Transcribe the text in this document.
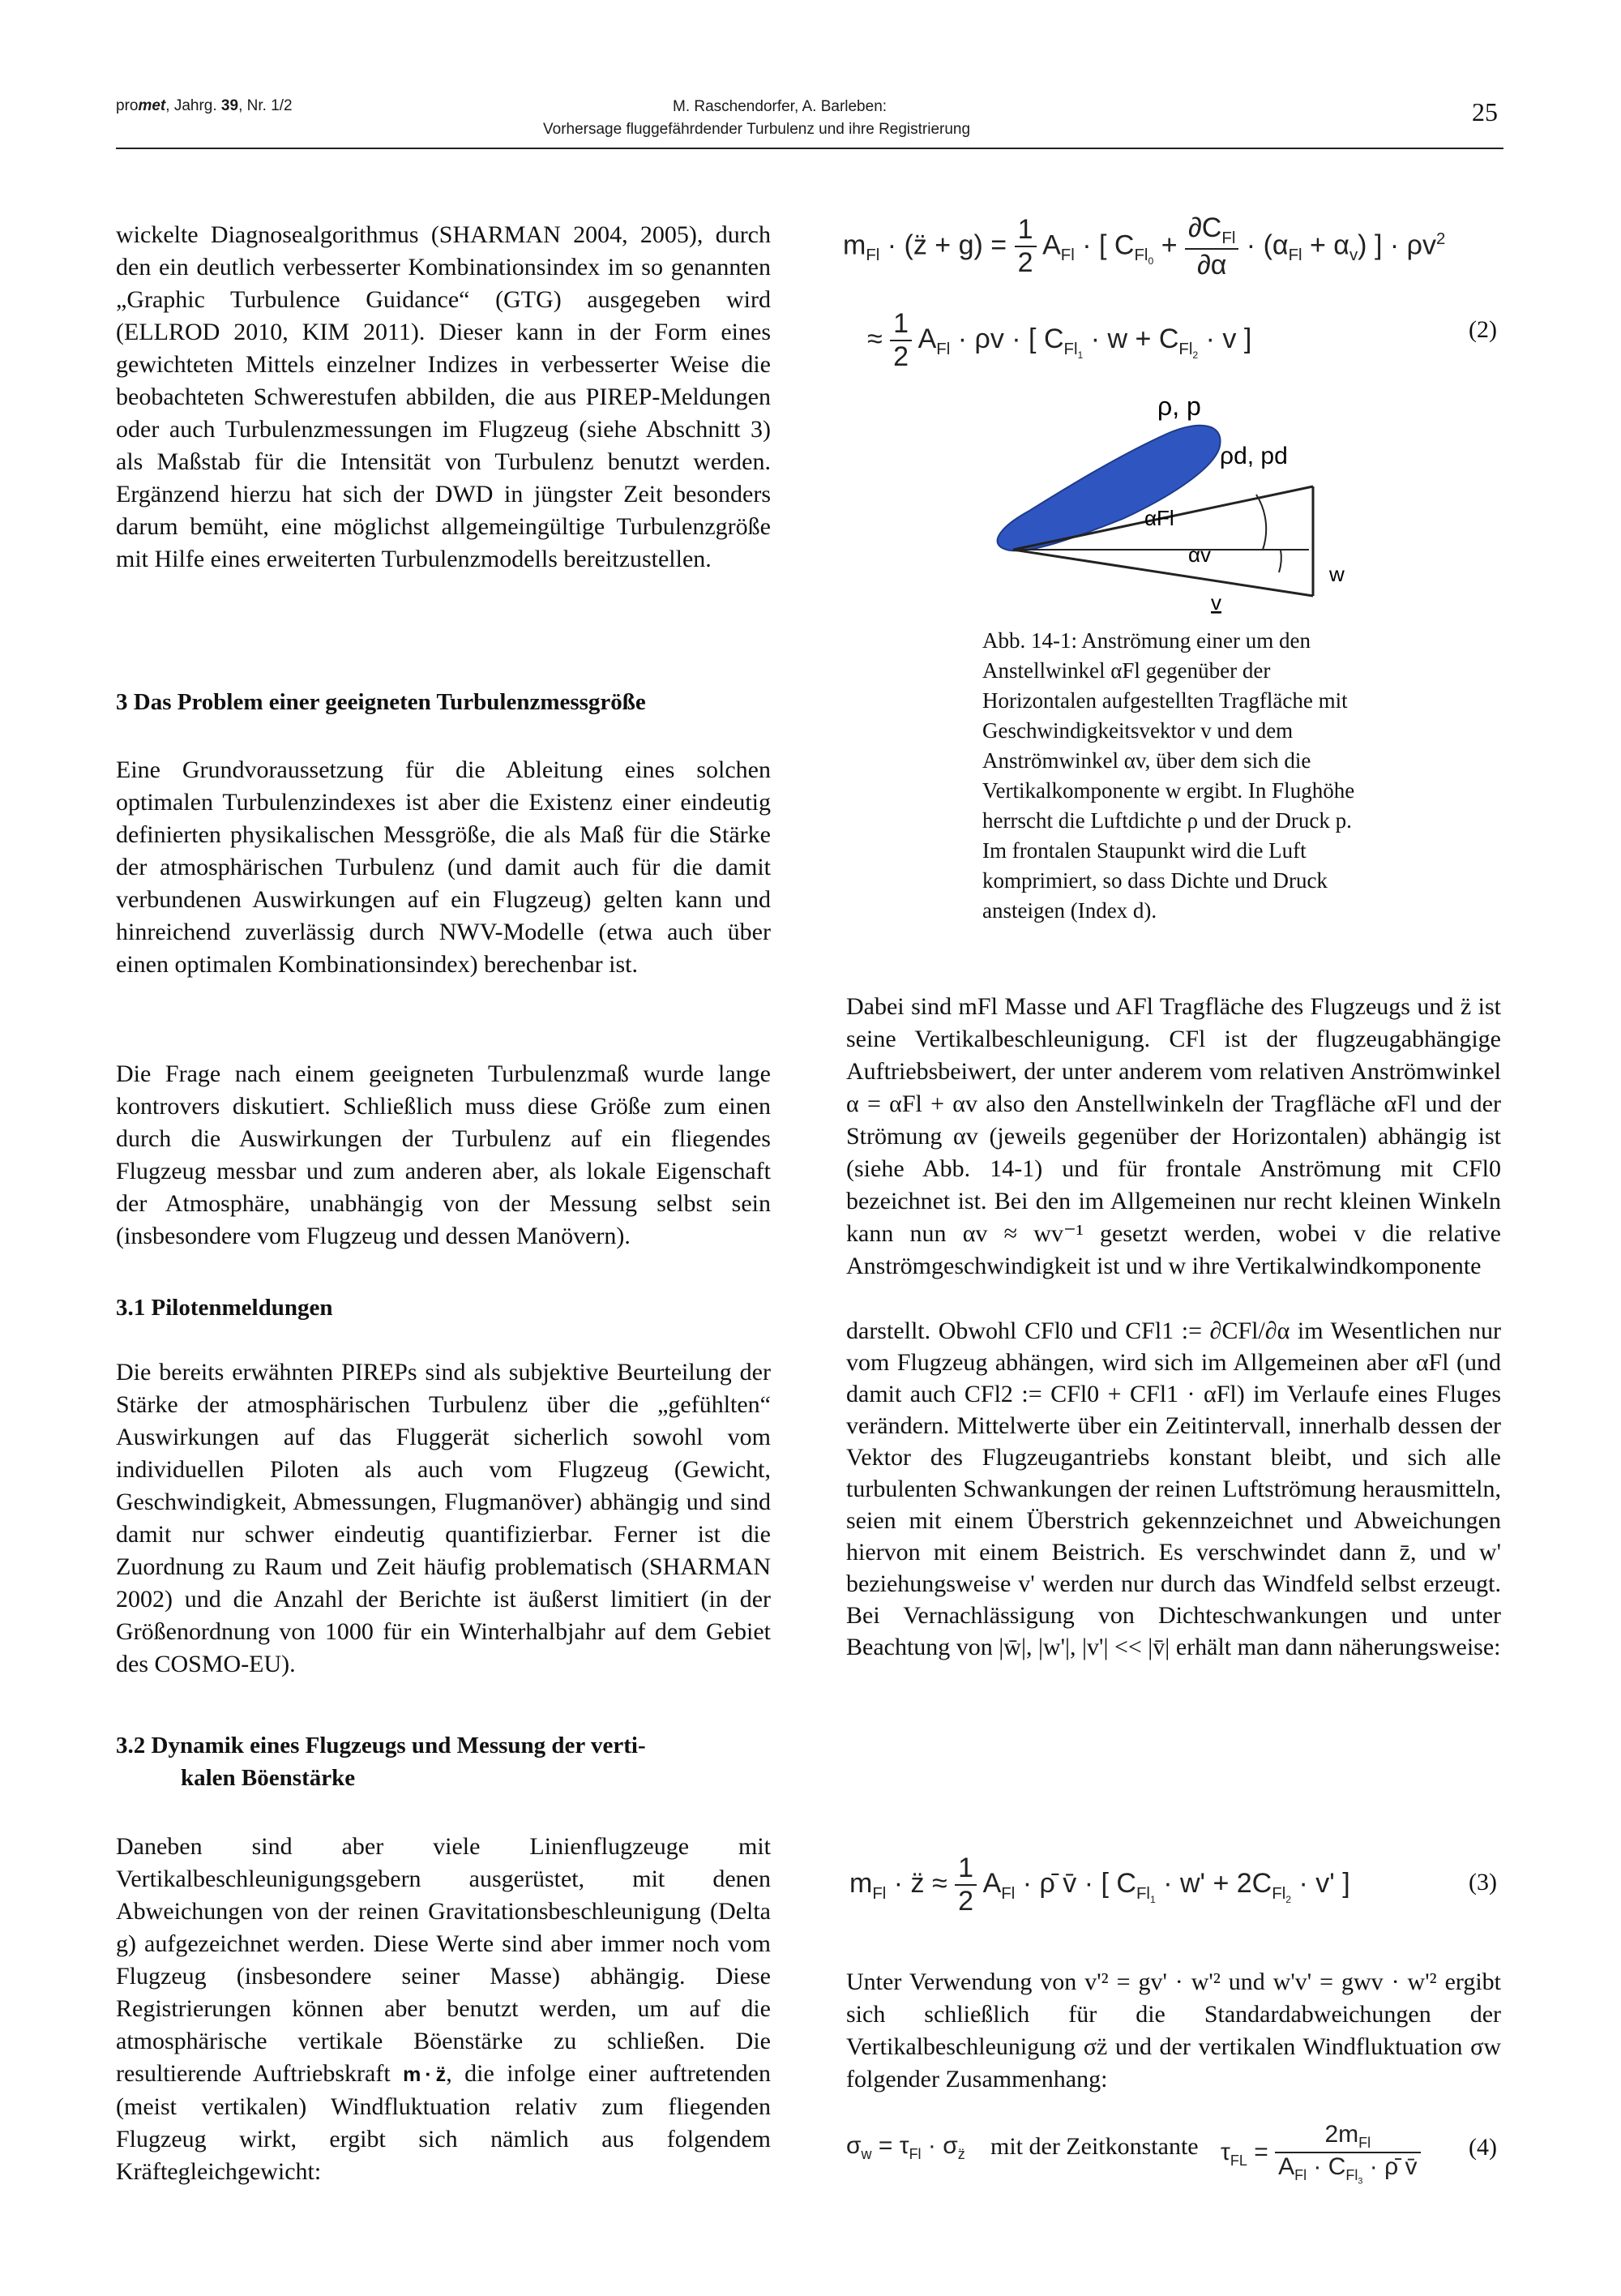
promet, Jahrg. 39, Nr. 1/2	M. Raschendorfer, A. Barleben:
Vorhersage fluggefährdender Turbulenz und ihre Registrierung
25

wickelte Diagnosealgorithmus (SHARMAN 2004, 2005), durch den ein deutlich verbesserter Kombinationsindex im so genannten „Graphic Turbulence Guidance“ (GTG) ausgegeben wird (ELLROD 2010, KIM 2011). Dieser kann in der Form eines gewichteten Mittels einzelner Indizes in verbesserter Weise die beobachteten Schwerestufen abbilden, die aus PIREP-Meldungen oder auch Turbulenzmessungen im Flugzeug (siehe Abschnitt 3) als Maßstab für die Intensität von Turbulenz benutzt werden. Ergänzend hierzu hat sich der DWD in jüngster Zeit besonders darum bemüht, eine möglichst allgemeingültige Turbulenzgröße mit Hilfe eines erweiterten Turbulenzmodells bereitzustellen.

3 Das Problem einer geeigneten Turbulenzmessgröße

Eine Grundvoraussetzung für die Ableitung eines solchen optimalen Turbulenzindexes ist aber die Existenz einer eindeutig definierten physikalischen Messgröße, die als Maß für die Stärke der atmosphärischen Turbulenz (und damit auch für die damit verbundenen Auswirkungen auf ein Flugzeug) gelten kann und hinreichend zuverlässig durch NWV-Modelle (etwa auch über einen optimalen Kombinationsindex) berechenbar ist.

Die Frage nach einem geeigneten Turbulenzmaß wurde lange kontrovers diskutiert. Schließlich muss diese Größe zum einen durch die Auswirkungen der Turbulenz auf ein fliegendes Flugzeug messbar und zum anderen aber, als lokale Eigenschaft der Atmosphäre, unabhängig von der Messung selbst sein (insbesondere vom Flugzeug und dessen Manövern).

3.1 Pilotenmeldungen

Die bereits erwähnten PIREPs sind als subjektive Beurteilung der Stärke der atmosphärischen Turbulenz über die „gefühlten“ Auswirkungen auf das Fluggerät sicherlich sowohl vom individuellen Piloten als auch vom Flugzeug (Gewicht, Geschwindigkeit, Abmessungen, Flugmanöver) abhängig und sind damit nur schwer eindeutig quantifizierbar. Ferner ist die Zuordnung zu Raum und Zeit häufig problematisch (SHARMAN 2002) und die Anzahl der Berichte ist äußerst limitiert (in der Größenordnung von 1000 für ein Winterhalbjahr auf dem Gebiet des COSMO-EU).

3.2 Dynamik eines Flugzeugs und Messung der verti-
kalen Böenstärke

Daneben sind aber viele Linienflugzeuge mit Vertikalbeschleunigungsgebern ausgerüstet, mit denen Abweichungen von der reinen Gravitationsbeschleunigung (Delta g) aufgezeichnet werden. Diese Werte sind aber immer noch vom Flugzeug (insbesondere seiner Masse) abhängig. Diese Registrierungen können aber benutzt werden, um auf die atmosphärische vertikale Böenstärke zu schließen. Die resultierende Auftriebskraft m · z̈, die infolge einer auftretenden (meist vertikalen) Windfluktuation relativ zum fliegenden Flugzeug wirkt, ergibt sich nämlich aus folgendem Kräftegleichgewicht:

$m_{Fl}$ · (z̈ + $g) = \frac{1}{2} A_{Fl}$ · [ $C_{Fl_0} + \frac{\partial C_{Fl}}{\partial\alpha} \cdot (\alpha_{Fl} + \alpha_v)$ ] · $\rho v^2$
≈ $\frac{1}{2} A_{Fl} \cdot \rho v$ · [ $C_{Fl_1} \cdot w + C_{Fl_2} \cdot v$ ]	(2)
ρ, p
ρd, pd
αFl
αv
w
v

Abb. 14-1: Anströmung einer um den Anstellwinkel αFl gegenüber der Horizontalen aufgestellten Tragfläche mit Geschwindigkeitsvektor v und dem Anströmwinkel αv, über dem sich die Vertikalkomponente w ergibt. In Flughöhe herrscht die Luftdichte ρ und der Druck p. Im frontalen Staupunkt wird die Luft komprimiert, so dass Dichte und Druck ansteigen (Index d).

Dabei sind mFl Masse und AFl Tragfläche des Flugzeugs und z̈ ist seine Vertikalbeschleunigung. CFl ist der flugzeugabhängige Auftriebsbeiwert, der unter anderem vom relativen Anströmwinkel α = αFl + αv also den Anstellwinkeln der Tragfläche αFl und der Strömung αv (jeweils gegenüber der Horizontalen) abhängig ist (siehe Abb. 14-1) und für frontale Anströmung mit CFl0 bezeichnet ist. Bei den im Allgemeinen nur recht kleinen Winkeln kann nun αv ≈ wv⁻¹ gesetzt werden, wobei v die relative Anströmgeschwindigkeit ist und w ihre Vertikalwindkomponente

darstellt. Obwohl CFl0 und CFl1 := ∂CFl/∂α im Wesentlichen nur vom Flugzeug abhängen, wird sich im Allgemeinen aber αFl (und damit auch CFl2 := CFl0 + CFl1 · αFl) im Verlaufe eines Fluges verändern. Mittelwerte über ein Zeitintervall, innerhalb dessen der Vektor des Flugzeugantriebs konstant bleibt, und sich alle turbulenten Schwankungen der reinen Luftströmung herausmitteln, seien mit einem Überstrich gekennzeichnet und Abweichungen hiervon mit einem Beistrich. Es verschwindet dann z̄, und w' beziehungsweise v' werden nur durch das Windfeld selbst erzeugt. Bei Vernachlässigung von Dichteschwankungen und unter Beachtung von |w̄|, |w'|, |v'| << |v̄| erhält man dann näherungsweise:

$m_{Fl}$ · z̈ ≈ $\frac{1}{2} A_{Fl}$ · ρ̄ v̄ · [ $C_{Fl_1} \cdot w' + 2C_{Fl_2} \cdot v'$ ]	(3)

Unter Verwendung von v'² = gv' · w'² und w'v' = gwv · w'² ergibt sich schließlich für die Standardabweichungen der Vertikalbeschleunigung σz̈ und der vertikalen Windfluktuation σw folgender Zusammenhang:

$\sigma_w = \tau_{Fl} \cdot \sigma_{z̈}$ mit der Zeitkonstante $\tau_{FL} = \frac{2m_{Fl}}{A_{Fl} \cdot C_{Fl_3} \cdot \rhō v̄} (4)$
